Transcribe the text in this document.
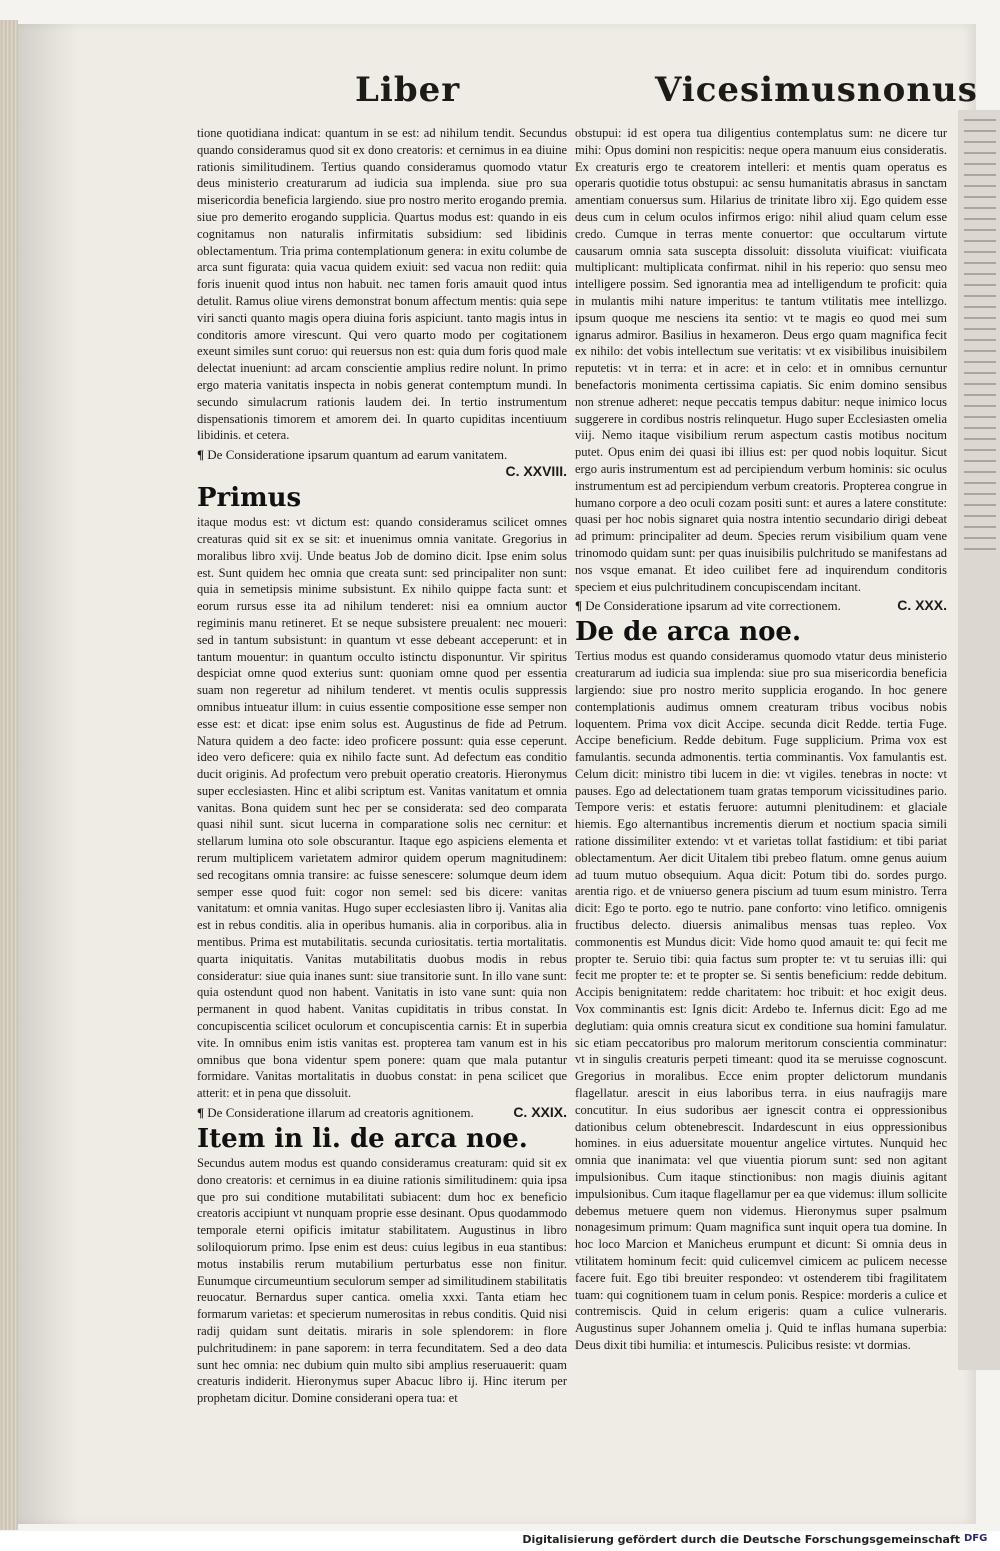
Liber	Vicesimusnonus

tione quotidiana indicat: quantum in se est: ad nihilum tendit. Secundus quando consideramus quod sit ex dono creatoris: et cernimus in ea diuine rationis similitudinem. Tertius quando consideramus quomodo vtatur deus ministerio creaturarum ad iudicia sua implenda. siue pro sua misericordia beneficia largiendo. siue pro nostro merito erogando premia. siue pro demerito erogando supplicia. Quartus modus est: quando in eis cognitamus non naturalis infirmitatis subsidium: sed libidinis oblectamentum. Tria prima contemplationum genera: in exitu columbe de arca sunt figurata: quia vacua quidem exiuit: sed vacua non rediit: quia foris inuenit quod intus non habuit. nec tamen foris amauit quod intus detulit. Ramus oliue virens demonstrat bonum affectum mentis: quia sepe viri sancti quanto magis opera diuina foris aspiciunt. tanto magis intus in conditoris amore virescunt. Qui vero quarto modo per cogitationem exeunt similes sunt coruo: qui reuersus non est: quia dum foris quod male delectat inueniunt: ad arcam conscientie amplius redire nolunt. In primo ergo materia vanitatis inspecta in nobis generat contemptum mundi. In secundo simulacrum rationis laudem dei. In tertio instrumentum dispensationis timorem et amorem dei. In quarto cupiditas incentiuum libidinis. et cetera.

¶ De Consideratione ipsarum quantum ad earum vanitatem.
C. XXVIII.
Primus

itaque modus est: vt dictum est: quando consideramus scilicet omnes creaturas quid sit ex se sit: et inuenimus omnia vanitate. Gregorius in moralibus libro xvij. Unde beatus Job de domino dicit. Ipse enim solus est. Sunt quidem hec omnia que creata sunt: sed principaliter non sunt: quia in semetipsis minime subsistunt. Ex nihilo quippe facta sunt: et eorum rursus esse ita ad nihilum tenderet: nisi ea omnium auctor regiminis manu retineret. Et se neque subsistere preualent: nec moueri: sed in tantum subsistunt: in quantum vt esse debeant acceperunt: et in tantum mouentur: in quantum occulto istinctu disponuntur. Vir spiritus despiciat omne quod exterius sunt: quoniam omne quod per essentia suam non regeretur ad nihilum tenderet. vt mentis oculis suppressis omnibus intueatur illum: in cuius essentie compositione esse semper non esse est: et dicat: ipse enim solus est. Augustinus de fide ad Petrum. Natura quidem a deo facte: ideo proficere possunt: quia esse ceperunt. ideo vero deficere: quia ex nihilo facte sunt. Ad defectum eas conditio ducit originis. Ad profectum vero prebuit operatio creatoris. Hieronymus super ecclesiasten. Hinc et alibi scriptum est. Vanitas vanitatum et omnia vanitas. Bona quidem sunt hec per se considerata: sed deo comparata quasi nihil sunt. sicut lucerna in comparatione solis nec cernitur: et stellarum lumina oto sole obscurantur. Itaque ego aspiciens elementa et rerum multiplicem varietatem admiror quidem operum magnitudinem: sed recogitans omnia transire: ac fuisse senescere: solumque deum idem semper esse quod fuit: cogor non semel: sed bis dicere: vanitas vanitatum: et omnia vanitas. Hugo super ecclesiasten libro ij. Vanitas alia est in rebus conditis. alia in operibus humanis. alia in corporibus. alia in mentibus. Prima est mutabilitatis. secunda curiositatis. tertia mortalitatis. quarta iniquitatis. Vanitas mutabilitatis duobus modis in rebus consideratur: siue quia inanes sunt: siue transitorie sunt. In illo vane sunt: quia ostendunt quod non habent. Vanitatis in isto vane sunt: quia non permanent in quod habent. Vanitas cupiditatis in tribus constat. In concupiscentia scilicet oculorum et concupiscentia carnis: Et in superbia vite. In omnibus enim istis vanitas est. propterea tam vanum est in his omnibus que bona videntur spem ponere: quam que mala putantur formidare. Vanitas mortalitatis in duobus constat: in pena scilicet que atterit: et in pena que dissoluit.

¶ De Consideratione illarum ad creatoris agnitionem.	C. XXIX.
Item in li. de arca noe.

Secundus autem modus est quando consideramus creaturam: quid sit ex dono creatoris: et cernimus in ea diuine rationis similitudinem: quia ipsa que pro sui conditione mutabilitati subiacent: dum hoc ex beneficio creatoris accipiunt vt nunquam proprie esse desinant. Opus quodammodo temporale eterni opificis imitatur stabilitatem. Augustinus in libro soliloquiorum primo. Ipse enim est deus: cuius legibus in eua stantibus: motus instabilis rerum mutabilium perturbatus esse non finitur. Eunumque circumeuntium seculorum semper ad similitudinem stabilitatis reuocatur. Bernardus super cantica. omelia xxxi. Tanta etiam hec formarum varietas: et specierum numerositas in rebus conditis. Quid nisi radij quidam sunt deitatis. miraris in sole splendorem: in flore pulchritudinem: in pane saporem: in terra fecunditatem. Sed a deo data sunt hec omnia: nec dubium quin multo sibi amplius reseruauerit: quam creaturis indiderit. Hieronymus super Abacuc libro ij. Hinc iterum per prophetam dicitur. Domine considerani opera tua: et

obstupui: id est opera tua diligentius contemplatus sum: ne dicere tur mihi: Opus domini non respicitis: neque opera manuum eius consideratis. Ex creaturis ergo te creatorem intelleri: et mentis quam operatus es operaris quotidie totus obstupui: ac sensu humanitatis abrasus in sanctam amentiam conuersus sum. Hilarius de trinitate libro xij. Ego quidem esse deus cum in celum oculos infirmos erigo: nihil aliud quam celum esse credo. Cumque in terras mente conuertor: que occultarum virtute causarum omnia sata suscepta dissoluit: dissoluta viuificat: viuificata multiplicant: multiplicata confirmat. nihil in his reperio: quo sensu meo intelligere possim. Sed ignorantia mea ad intelligendum te proficit: quia in mulantis mihi nature imperitus: te tantum vtilitatis mee intellizgo. ipsum quoque me nesciens ita sentio: vt te magis eo quod mei sum ignarus admiror. Basilius in hexameron. Deus ergo quam magnifica fecit ex nihilo: det vobis intellectum sue veritatis: vt ex visibilibus inuisibilem reputetis: vt in terra: et in acre: et in celo: et in omnibus cernuntur benefactoris monimenta certissima capiatis. Sic enim domino sensibus non strenue adheret: neque peccatis tempus dabitur: neque inimico locus suggerere in cordibus nostris relinquetur. Hugo super Ecclesiasten omelia viij. Nemo itaque visibilium rerum aspectum castis motibus nocitum putet. Opus enim dei quasi ibi illius est: per quod nobis loquitur. Sicut ergo auris instrumentum est ad percipiendum verbum hominis: sic oculus instrumentum est ad percipiendum verbum creatoris. Propterea congrue in humano corpore a deo oculi cozam positi sunt: et aures a latere constitute: quasi per hoc nobis signaret quia nostra intentio secundario dirigi debeat ad primum: principaliter ad deum. Species rerum visibilium quam vene trinomodo quidam sunt: per quas inuisibilis pulchritudo se manifestans ad nos vsque emanat. Et ideo cuilibet fere ad inquirendum conditoris speciem et eius pulchritudinem concupiscendam incitant.

¶ De Consideratione ipsarum ad vite correctionem.	C. XXX.
De de arca noe.

Tertius modus est quando consideramus quomodo vtatur deus ministerio creaturarum ad iudicia sua implenda: siue pro sua misericordia beneficia largiendo: siue pro nostro merito supplicia erogando. In hoc genere contemplationis audimus omnem creaturam tribus vocibus nobis loquentem. Prima vox dicit Accipe. secunda dicit Redde. tertia Fuge. Accipe beneficium. Redde debitum. Fuge supplicium. Prima vox est famulantis. secunda admonentis. tertia comminantis. Vox famulantis est. Celum dicit: ministro tibi lucem in die: vt vigiles. tenebras in nocte: vt pauses. Ego ad delectationem tuam gratas temporum vicissitudines pario. Tempore veris: et estatis feruore: autumni plenitudinem: et glaciale hiemis. Ego alternantibus incrementis dierum et noctium spacia simili ratione dissimiliter extendo: vt et varietas tollat fastidium: et tibi pariat oblectamentum. Aer dicit Uitalem tibi prebeo flatum. omne genus auium ad tuum mutuo obsequium. Aqua dicit: Potum tibi do. sordes purgo. arentia rigo. et de vniuerso genera piscium ad tuum esum ministro. Terra dicit: Ego te porto. ego te nutrio. pane conforto: vino letifico. omnigenis fructibus delecto. diuersis animalibus mensas tuas repleo. Vox commonentis est Mundus dicit: Vide homo quod amauit te: qui fecit me propter te. Seruio tibi: quia factus sum propter te: vt tu seruias illi: qui fecit me propter te: et te propter se. Si sentis beneficium: redde debitum. Accipis benignitatem: redde charitatem: hoc tribuit: et hoc exigit deus. Vox comminantis est: Ignis dicit: Ardebo te. Infernus dicit: Ego ad me deglutiam: quia omnis creatura sicut ex conditione sua homini famulatur. sic etiam peccatoribus pro malorum meritorum conscientia comminatur: vt in singulis creaturis perpeti timeant: quod ita se meruisse cognoscunt. Gregorius in moralibus. Ecce enim propter delictorum mundanis flagellatur. arescit in eius laboribus terra. in eius naufragijs mare concutitur. In eius sudoribus aer ignescit contra ei oppressionibus dationibus celum obtenebrescit. Indardescunt in eius oppressionibus homines. in eius aduersitate mouentur angelice virtutes. Nunquid hec omnia que inanimata: vel que viuentia piorum sunt: sed non agitant impulsionibus. Cum itaque stinctionibus: non magis diuinis agitant impulsionibus. Cum itaque flagellamur per ea que videmus: illum sollicite debemus metuere quem non videmus. Hieronymus super psalmum nonagesimum primum: Quam magnifica sunt inquit opera tua domine. In hoc loco Marcion et Manicheus erumpunt et dicunt: Si omnia deus in vtilitatem hominum fecit: quid culicemvel cimicem ac pulicem necesse facere fuit. Ego tibi breuiter respondeo: vt ostenderem tibi fragilitatem tuam: qui cognitionem tuam in celum ponis. Respice: morderis a culice et contremiscis. Quid in celum erigeris: quam a culice vulneraris. Augustinus super Johannem omelia j. Quid te inflas humana superbia: Deus dixit tibi humilia: et intumescis. Pulicibus resiste: vt dormias.

Digitalisierung gefördert durch die Deutsche Forschungsgemeinschaft DFG
